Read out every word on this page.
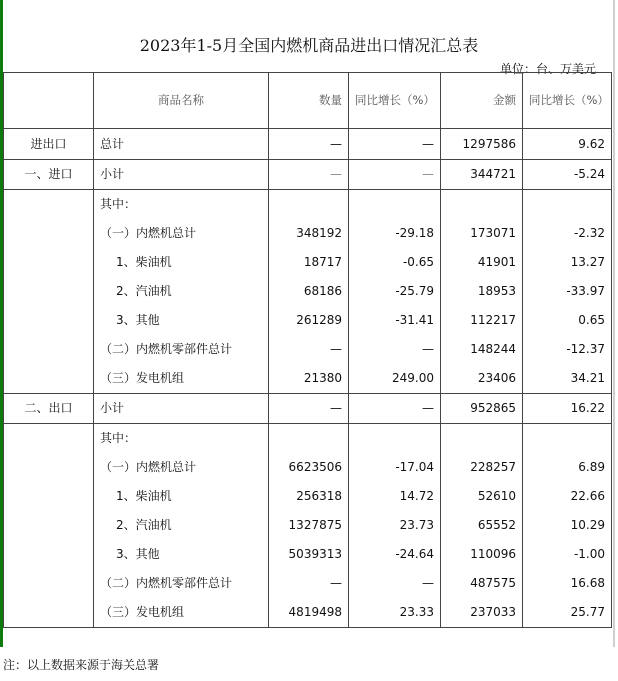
2023年1-5月全国内燃机商品进出口情况汇总表
单位：台、万美元
	商品名称	数量	同比增长（%）	金额	同比增长（%）
进出口	总计	—	—	1297586	9.62
一、进口	小计	—	—	344721	-5.24
	其中：				
	（一）内燃机总计	348192	-29.18	173071	-2.32
	1、柴油机	18717	-0.65	41901	13.27
	2、汽油机	68186	-25.79	18953	-33.97
	3、其他	261289	-31.41	112217	0.65
	（二）内燃机零部件总计	—	—	148244	-12.37
	（三）发电机组	21380	249.00	23406	34.21
二、出口	小计	—	—	952865	16.22
	其中：				
	（一）内燃机总计	6623506	-17.04	228257	6.89
	1、柴油机	256318	14.72	52610	22.66
	2、汽油机	1327875	23.73	65552	10.29
	3、其他	5039313	-24.64	110096	-1.00
	（二）内燃机零部件总计	—	—	487575	16.68
	（三）发电机组	4819498	23.33	237033	25.77
注：以上数据来源于海关总署
